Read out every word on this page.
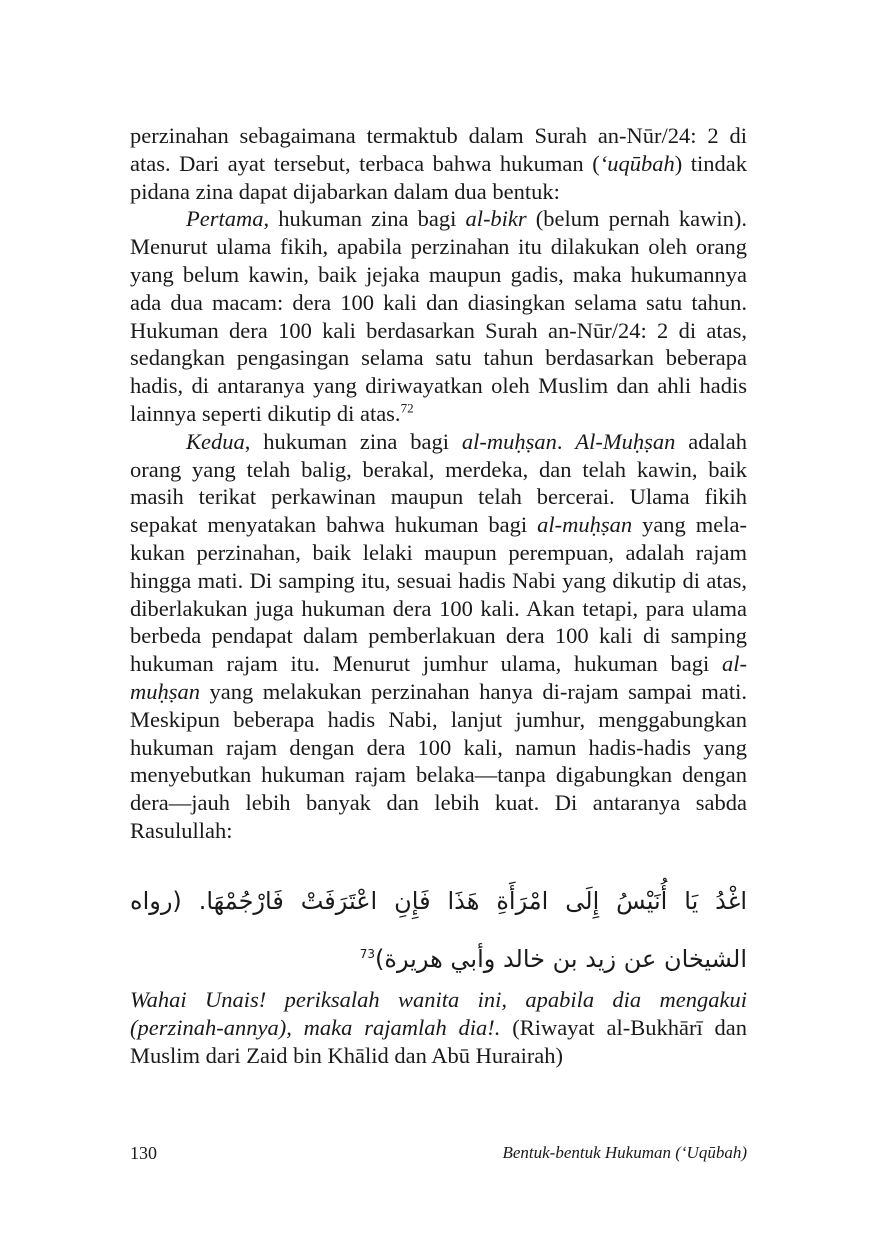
perzinahan sebagaimana termaktub dalam Surah an-Nūr/24: 2 di atas. Dari ayat tersebut, terbaca bahwa hukuman (‘uqūbah) tindak pidana zina dapat dijabarkan dalam dua bentuk:

Pertama, hukuman zina bagi al-bikr (belum pernah kawin). Menurut ulama fikih, apabila perzinahan itu dilakukan oleh orang yang belum kawin, baik jejaka maupun gadis, maka hukumannya ada dua macam: dera 100 kali dan diasingkan selama satu tahun. Hukuman dera 100 kali berdasarkan Surah an-Nūr/24: 2 di atas, sedangkan pengasingan selama satu tahun berdasarkan beberapa hadis, di antaranya yang diriwayatkan oleh Muslim dan ahli hadis lainnya seperti dikutip di atas.$^{72}$

Kedua, hukuman zina bagi al-muḥṣan. Al-Muḥṣan adalah orang yang telah balig, berakal, merdeka, dan telah kawin, baik masih terikat perkawinan maupun telah bercerai. Ulama fikih sepakat menyatakan bahwa hukuman bagi al-muḥṣan yang mela-kukan perzinahan, baik lelaki maupun perempuan, adalah rajam hingga mati. Di samping itu, sesuai hadis Nabi yang dikutip di atas, diberlakukan juga hukuman dera 100 kali. Akan tetapi, para ulama berbeda pendapat dalam pemberlakuan dera 100 kali di samping hukuman rajam itu. Menurut jumhur ulama, hukuman bagi al-muḥṣan yang melakukan perzinahan hanya di-rajam sampai mati. Meskipun beberapa hadis Nabi, lanjut jumhur, menggabungkan hukuman rajam dengan dera 100 kali, namun hadis-hadis yang menyebutkan hukuman rajam belaka—tanpa digabungkan dengan dera—jauh lebih banyak dan lebih kuat. Di antaranya sabda Rasulullah:

اغْدُ يَا أُنَيْسُ إِلَى امْرَأَةِ هَذَا فَإِنِ اعْتَرَفَتْ فَارْجُمْهَا. (رواه الشيخان عن زيد بن خالد وأبي هريرة)$^{73}$

Wahai Unais! periksalah wanita ini, apabila dia mengakui (perzinah-annya), maka rajamlah dia!. (Riwayat al-Bukhārī dan Muslim dari Zaid bin Khālid dan Abū Hurairah)

130	Bentuk-bentuk Hukuman (‘Uqūbah)
